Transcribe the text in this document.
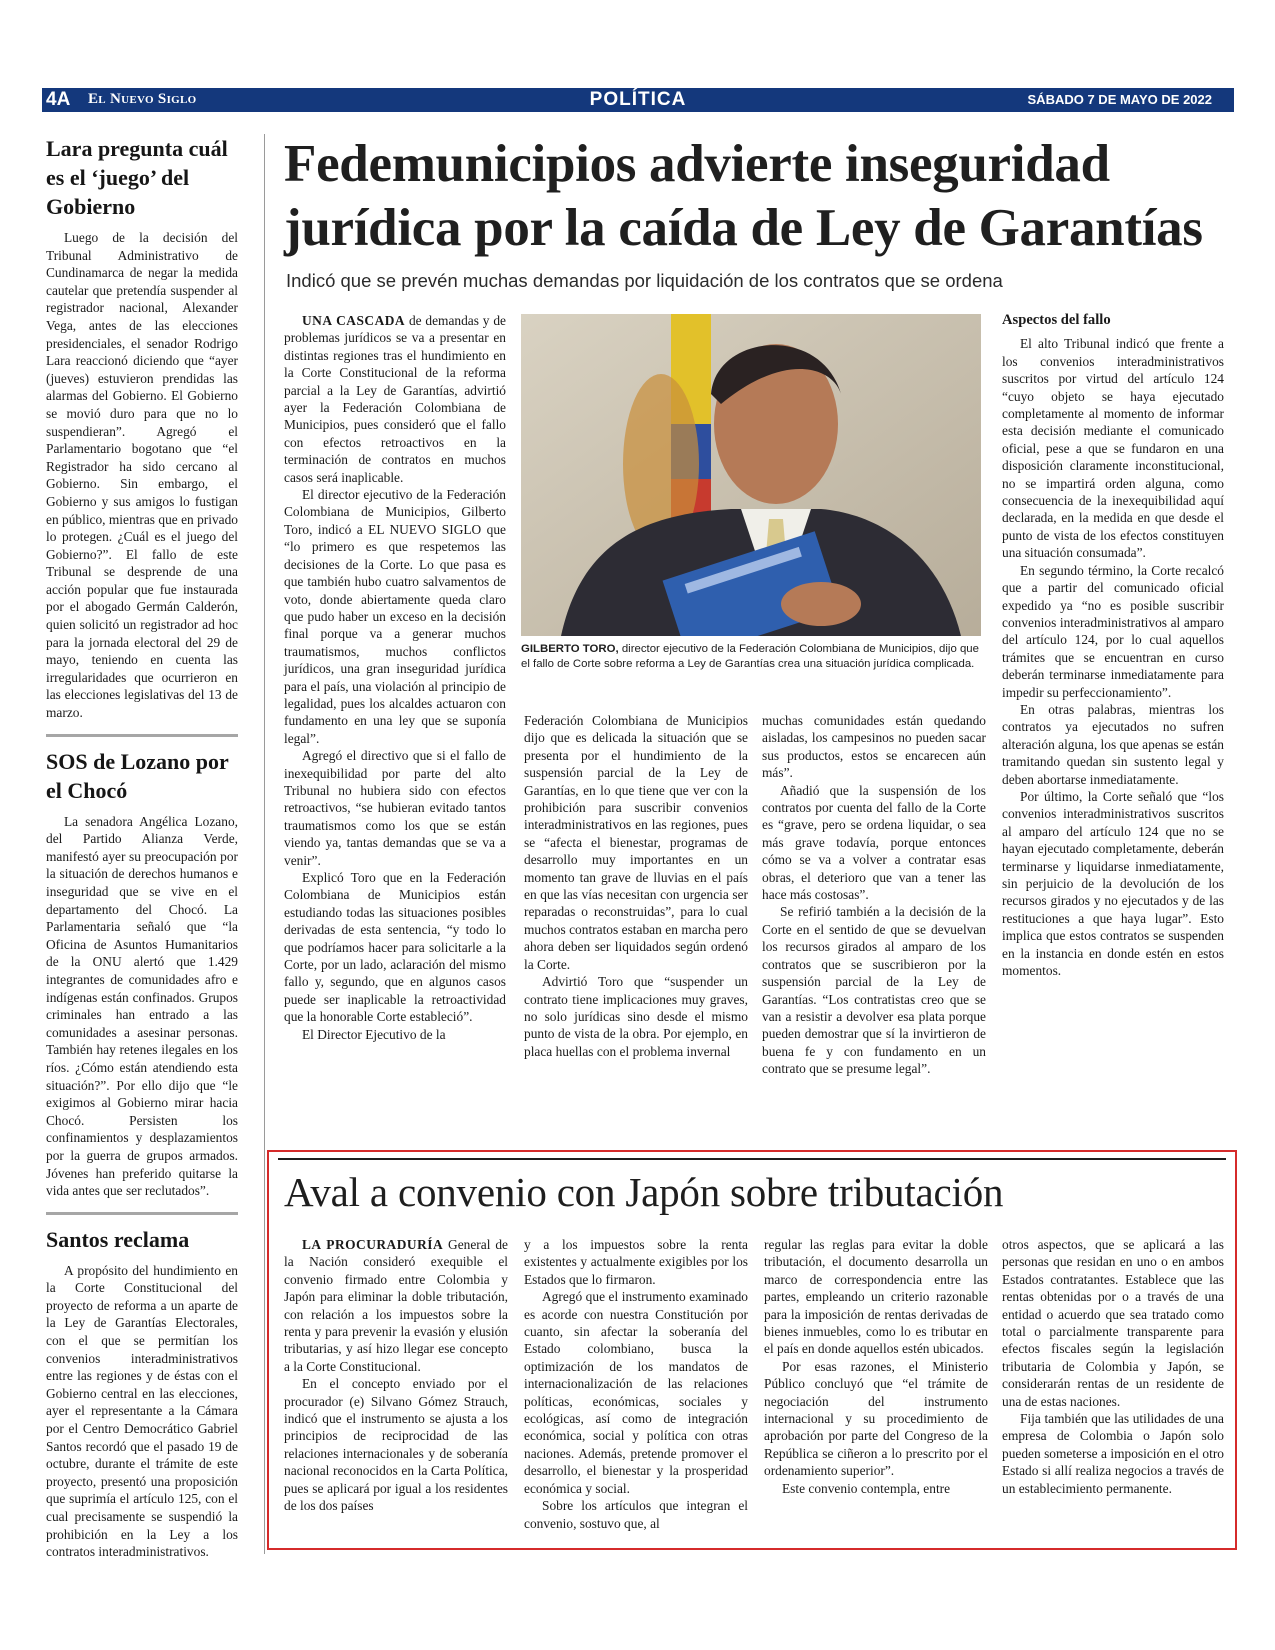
4A El Nuevo Siglo	POLÍTICA	SÁBADO 7 DE MAYO DE 2022
Lara pregunta cuál es el ‘juego’ del Gobierno

Luego de la decisión del Tribunal Administrativo de Cundinamarca de negar la medida cautelar que pretendía suspender al registrador nacional, Alexander Vega, antes de las elecciones presidenciales, el senador Rodrigo Lara reaccionó diciendo que “ayer (jueves) estuvieron prendidas las alarmas del Gobierno. El Gobierno se movió duro para que no lo suspendieran”. Agregó el Parlamentario bogotano que “el Registrador ha sido cercano al Gobierno. Sin embargo, el Gobierno y sus amigos lo fustigan en público, mientras que en privado lo protegen. ¿Cuál es el juego del Gobierno?”. El fallo de este Tribunal se desprende de una acción popular que fue instaurada por el abogado Germán Calderón, quien solicitó un registrador ad hoc para la jornada electoral del 29 de mayo, teniendo en cuenta las irregularidades que ocurrieron en las elecciones legislativas del 13 de marzo.

SOS de Lozano por el Chocó

La senadora Angélica Lozano, del Partido Alianza Verde, manifestó ayer su preocupación por la situación de derechos humanos e inseguridad que se vive en el departamento del Chocó. La Parlamentaria señaló que “la Oficina de Asuntos Humanitarios de la ONU alertó que 1.429 integrantes de comunidades afro e indígenas están confinados. Grupos criminales han entrado a las comunidades a asesinar personas. También hay retenes ilegales en los ríos. ¿Cómo están atendiendo esta situación?”. Por ello dijo que “le exigimos al Gobierno mirar hacia Chocó. Persisten los confinamientos y desplazamientos por la guerra de grupos armados. Jóvenes han preferido quitarse la vida antes que ser reclutados”.

Santos reclama

A propósito del hundimiento en la Corte Constitucional del proyecto de reforma a un aparte de la Ley de Garantías Electorales, con el que se permitían los convenios interadministrativos entre las regiones y de éstas con el Gobierno central en las elecciones, ayer el representante a la Cámara por el Centro Democrático Gabriel Santos recordó que el pasado 19 de octubre, durante el trámite de este proyecto, presentó una proposición que suprimía el artículo 125, con el cual precisamente se suspendió la prohibición en la Ley a los contratos interadministrativos.

Fedemunicipios advierte inseguridad jurídica por la caída de Ley de Garantías
Indicó que se prevén muchas demandas por liquidación de los contratos que se ordena

UNA CASCADA de demandas y de problemas jurídicos se va a presentar en distintas regiones tras el hundimiento en la Corte Constitucional de la reforma parcial a la Ley de Garantías, advirtió ayer la Federación Colombiana de Municipios, pues consideró que el fallo con efectos retroactivos en la terminación de contratos en muchos casos será inaplicable.

El director ejecutivo de la Federación Colombiana de Municipios, Gilberto Toro, indicó a EL NUEVO SIGLO que “lo primero es que respetemos las decisiones de la Corte. Lo que pasa es que también hubo cuatro salvamentos de voto, donde abiertamente queda claro que pudo haber un exceso en la decisión final porque va a generar muchos traumatismos, muchos conflictos jurídicos, una gran inseguridad jurídica para el país, una violación al principio de legalidad, pues los alcaldes actuaron con fundamento en una ley que se suponía legal”.

Agregó el directivo que si el fallo de inexequibilidad por parte del alto Tribunal no hubiera sido con efectos retroactivos, “se hubieran evitado tantos traumatismos como los que se están viendo ya, tantas demandas que se va a venir”.

Explicó Toro que en la Federación Colombiana de Municipios están estudiando todas las situaciones posibles derivadas de esta sentencia, “y todo lo que podríamos hacer para solicitarle a la Corte, por un lado, aclaración del mismo fallo y, segundo, que en algunos casos puede ser inaplicable la retroactividad que la honorable Corte estableció”.

El Director Ejecutivo de la

GILBERTO TORO, director ejecutivo de la Federación Colombiana de Municipios, dijo que el fallo de Corte sobre reforma a Ley de Garantías crea una situación jurídica complicada.

Federación Colombiana de Municipios dijo que es delicada la situación que se presenta por el hundimiento de la suspensión parcial de la Ley de Garantías, en lo que tiene que ver con la prohibición para suscribir convenios interadministrativos en las regiones, pues se “afecta el bienestar, programas de desarrollo muy importantes en un momento tan grave de lluvias en el país en que las vías necesitan con urgencia ser reparadas o reconstruidas”, para lo cual muchos contratos estaban en marcha pero ahora deben ser liquidados según ordenó la Corte.

Advirtió Toro que “suspender un contrato tiene implicaciones muy graves, no solo jurídicas sino desde el mismo punto de vista de la obra. Por ejemplo, en placa huellas con el problema invernal

muchas comunidades están quedando aisladas, los campesinos no pueden sacar sus productos, estos se encarecen aún más”.

Añadió que la suspensión de los contratos por cuenta del fallo de la Corte es “grave, pero se ordena liquidar, o sea más grave todavía, porque entonces cómo se va a volver a contratar esas obras, el deterioro que van a tener las hace más costosas”.

Se refirió también a la decisión de la Corte en el sentido de que se devuelvan los recursos girados al amparo de los contratos que se suscribieron por la suspensión parcial de la Ley de Garantías. “Los contratistas creo que se van a resistir a devolver esa plata porque pueden demostrar que sí la invirtieron de buena fe y con fundamento en un contrato que se presume legal”.

Aspectos del fallo

El alto Tribunal indicó que frente a los convenios interadministrativos suscritos por virtud del artículo 124 “cuyo objeto se haya ejecutado completamente al momento de informar esta decisión mediante el comunicado oficial, pese a que se fundaron en una disposición claramente inconstitucional, no se impartirá orden alguna, como consecuencia de la inexequibilidad aquí declarada, en la medida en que desde el punto de vista de los efectos constituyen una situación consumada”.

En segundo término, la Corte recalcó que a partir del comunicado oficial expedido ya “no es posible suscribir convenios interadministrativos al amparo del artículo 124, por lo cual aquellos trámites que se encuentran en curso deberán terminarse inmediatamente para impedir su perfeccionamiento”.

En otras palabras, mientras los contratos ya ejecutados no sufren alteración alguna, los que apenas se están tramitando quedan sin sustento legal y deben abortarse inmediatamente.

Por último, la Corte señaló que “los convenios interadministrativos suscritos al amparo del artículo 124 que no se hayan ejecutado completamente, deberán terminarse y liquidarse inmediatamente, sin perjuicio de la devolución de los recursos girados y no ejecutados y de las restituciones a que haya lugar”. Esto implica que estos contratos se suspenden en la instancia en donde estén en estos momentos.

Aval a convenio con Japón sobre tributación

LA PROCURADURÍA General de la Nación consideró exequible el convenio firmado entre Colombia y Japón para eliminar la doble tributación, con relación a los impuestos sobre la renta y para prevenir la evasión y elusión tributarias, y así hizo llegar ese concepto a la Corte Constitucional.

En el concepto enviado por el procurador (e) Silvano Gómez Strauch, indicó que el instrumento se ajusta a los principios de reciprocidad de las relaciones internacionales y de soberanía nacional reconocidos en la Carta Política, pues se aplicará por igual a los residentes de los dos países

y a los impuestos sobre la renta existentes y actualmente exigibles por los Estados que lo firmaron.

Agregó que el instrumento examinado es acorde con nuestra Constitución por cuanto, sin afectar la soberanía del Estado colombiano, busca la optimización de los mandatos de internacionalización de las relaciones políticas, económicas, sociales y ecológicas, así como de integración económica, social y política con otras naciones. Además, pretende promover el desarrollo, el bienestar y la prosperidad económica y social.

Sobre los artículos que integran el convenio, sostuvo que, al

regular las reglas para evitar la doble tributación, el documento desarrolla un marco de correspondencia entre las partes, empleando un criterio razonable para la imposición de rentas derivadas de bienes inmuebles, como lo es tributar en el país en donde aquellos estén ubicados.

Por esas razones, el Ministerio Público concluyó que “el trámite de negociación del instrumento internacional y su procedimiento de aprobación por parte del Congreso de la República se ciñeron a lo prescrito por el ordenamiento superior”.

Este convenio contempla, entre

otros aspectos, que se aplicará a las personas que residan en uno o en ambos Estados contratantes. Establece que las rentas obtenidas por o a través de una entidad o acuerdo que sea tratado como total o parcialmente transparente para efectos fiscales según la legislación tributaria de Colombia y Japón, se considerarán rentas de un residente de una de estas naciones.

Fija también que las utilidades de una empresa de Colombia o Japón solo pueden someterse a imposición en el otro Estado si allí realiza negocios a través de un establecimiento permanente.
